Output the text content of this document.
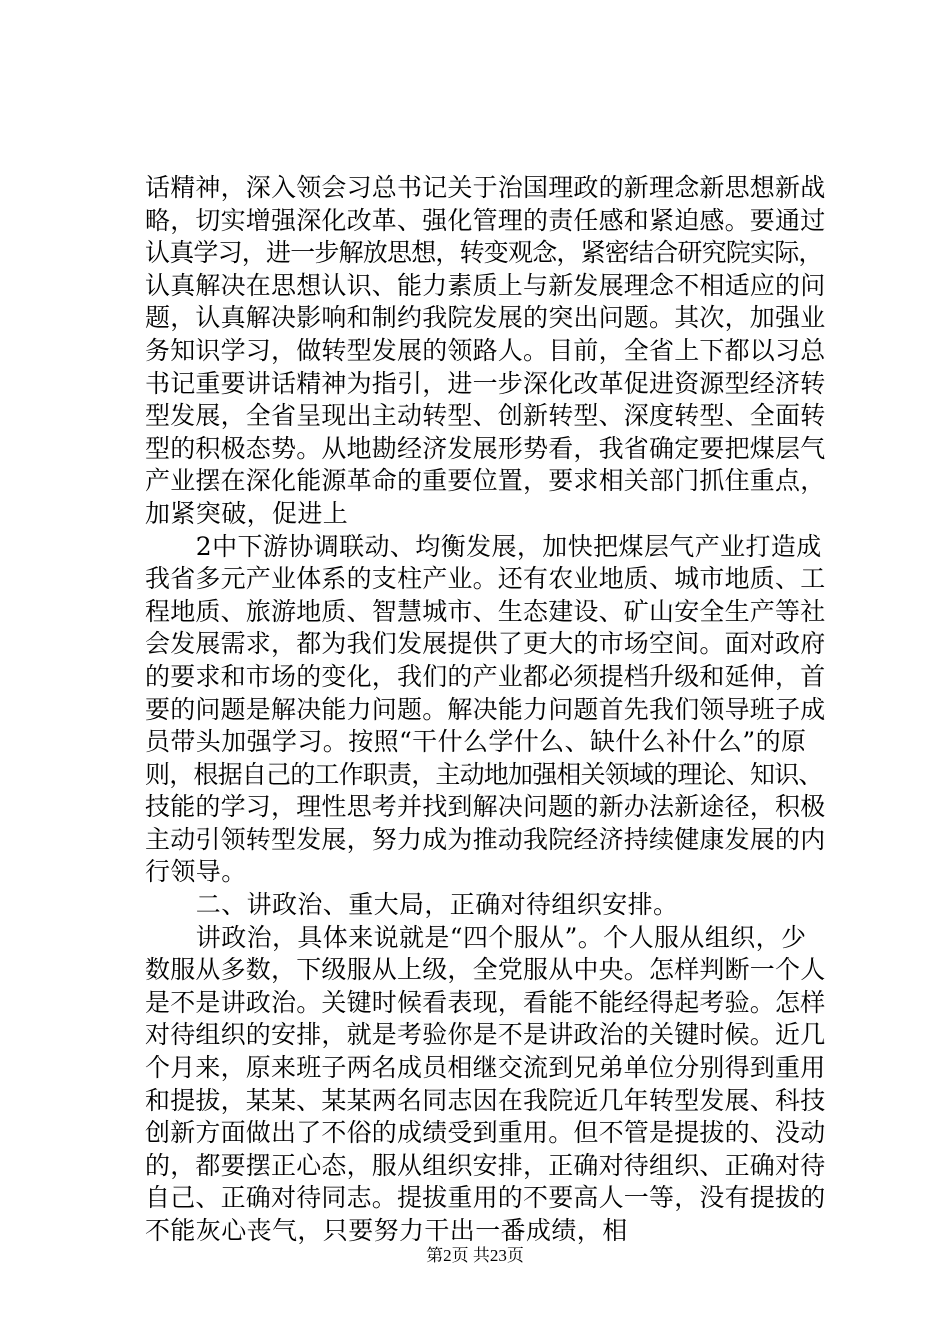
话精神，深入领会习总书记关于治国理政的新理念新思想新战
略，切实增强深化改革、强化管理的责任感和紧迫感。要通过
认真学习，进一步解放思想，转变观念，紧密结合研究院实际，
认真解决在思想认识、能力素质上与新发展理念不相适应的问
题，认真解决影响和制约我院发展的突出问题。其次，加强业
务知识学习，做转型发展的领路人。目前，全省上下都以习总
书记重要讲话精神为指引，进一步深化改革促进资源型经济转
型发展，全省呈现出主动转型、创新转型、深度转型、全面转
型的积极态势。从地勘经济发展形势看，我省确定要把煤层气
产业摆在深化能源革命的重要位置，要求相关部门抓住重点，
加紧突破，促进上
　　2中下游协调联动、均衡发展，加快把煤层气产业打造成
我省多元产业体系的支柱产业。还有农业地质、城市地质、工
程地质、旅游地质、智慧城市、生态建设、矿山安全生产等社
会发展需求，都为我们发展提供了更大的市场空间。面对政府
的要求和市场的变化，我们的产业都必须提档升级和延伸，首
要的问题是解决能力问题。解决能力问题首先我们领导班子成
员带头加强学习。按照“干什么学什么、缺什么补什么”的原
则，根据自己的工作职责，主动地加强相关领域的理论、知识、
技能的学习，理性思考并找到解决问题的新办法新途径，积极
主动引领转型发展，努力成为推动我院经济持续健康发展的内
行领导。
　　二、讲政治、重大局，正确对待组织安排。
　　讲政治，具体来说就是“四个服从”。个人服从组织，少
数服从多数，下级服从上级，全党服从中央。怎样判断一个人
是不是讲政治。关键时候看表现，看能不能经得起考验。怎样
对待组织的安排，就是考验你是不是讲政治的关键时候。近几
个月来，原来班子两名成员相继交流到兄弟单位分别得到重用
和提拔，某某、某某两名同志因在我院近几年转型发展、科技
创新方面做出了不俗的成绩受到重用。但不管是提拔的、没动
的，都要摆正心态，服从组织安排，正确对待组织、正确对待
自己、正确对待同志。提拔重用的不要高人一等，没有提拔的
不能灰心丧气，只要努力干出一番成绩，相
第2页 共23页
